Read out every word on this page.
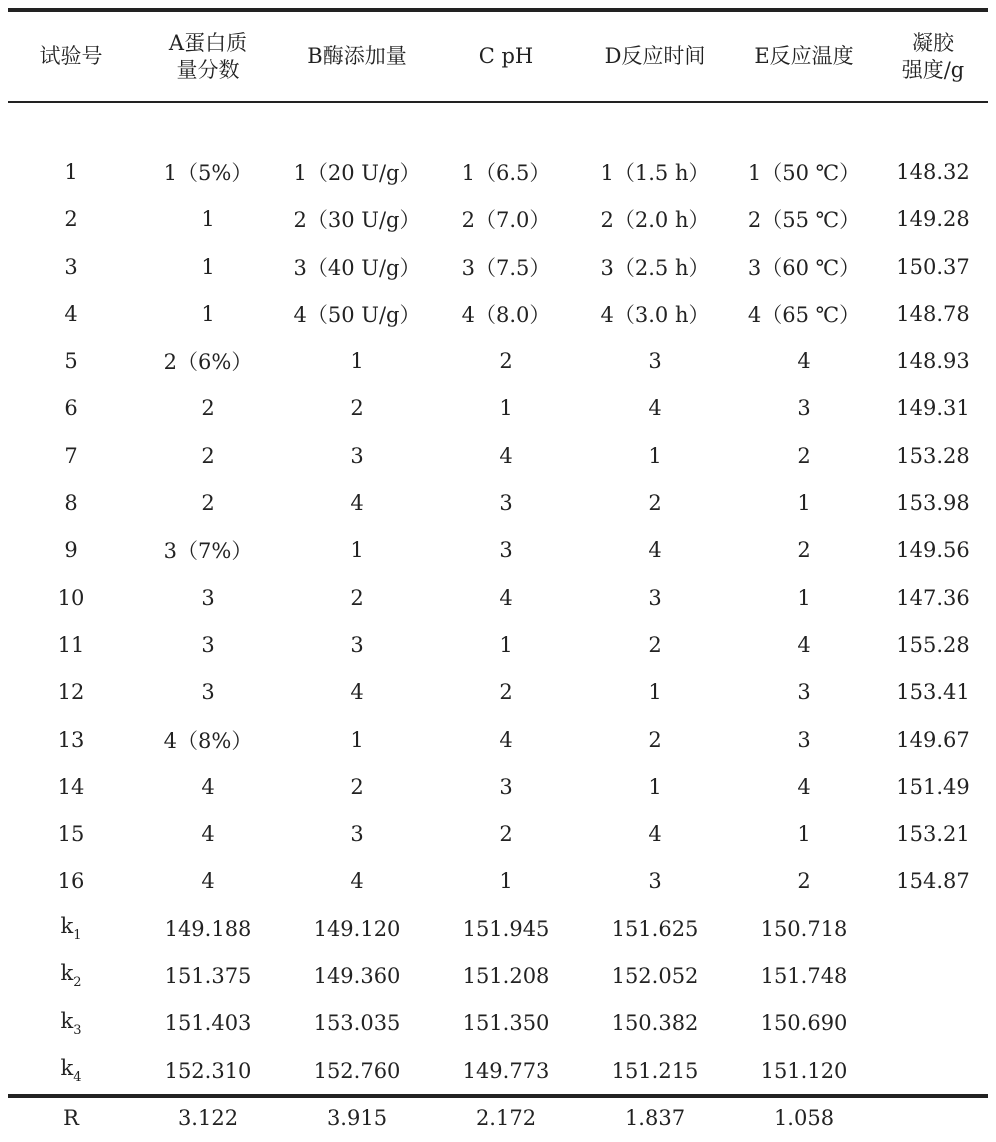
试验号	A蛋白质
量分数	B酶添加量	C pH	D反应时间	E反应温度	凝胶
强度/g

1	1（5%）	1（20 U/g）	1（6.5）	1（1.5 h）	1（50 ℃）	148.32
2	1	2（30 U/g）	2（7.0）	2（2.0 h）	2（55 ℃）	149.28
3	1	3（40 U/g）	3（7.5）	3（2.5 h）	3（60 ℃）	150.37
4	1	4（50 U/g）	4（8.0）	4（3.0 h）	4（65 ℃）	148.78
5	2（6%）	1	2	3	4	148.93
6	2	2	1	4	3	149.31
7	2	3	4	1	2	153.28
8	2	4	3	2	1	153.98
9	3（7%）	1	3	4	2	149.56
10	3	2	4	3	1	147.36
11	3	3	1	2	4	155.28
12	3	4	2	1	3	153.41
13	4（8%）	1	4	2	3	149.67
14	4	2	3	1	4	151.49
15	4	3	2	4	1	153.21
16	4	4	1	3	2	154.87
$k_1$	149.188	149.120	151.945	151.625	150.718	
$k_2$	151.375	149.360	151.208	152.052	151.748	
$k_3$	151.403	153.035	151.350	150.382	150.690	
$k_4$	152.310	152.760	149.773	151.215	151.120	
R	3.122	3.915	2.172	1.837	1.058	
